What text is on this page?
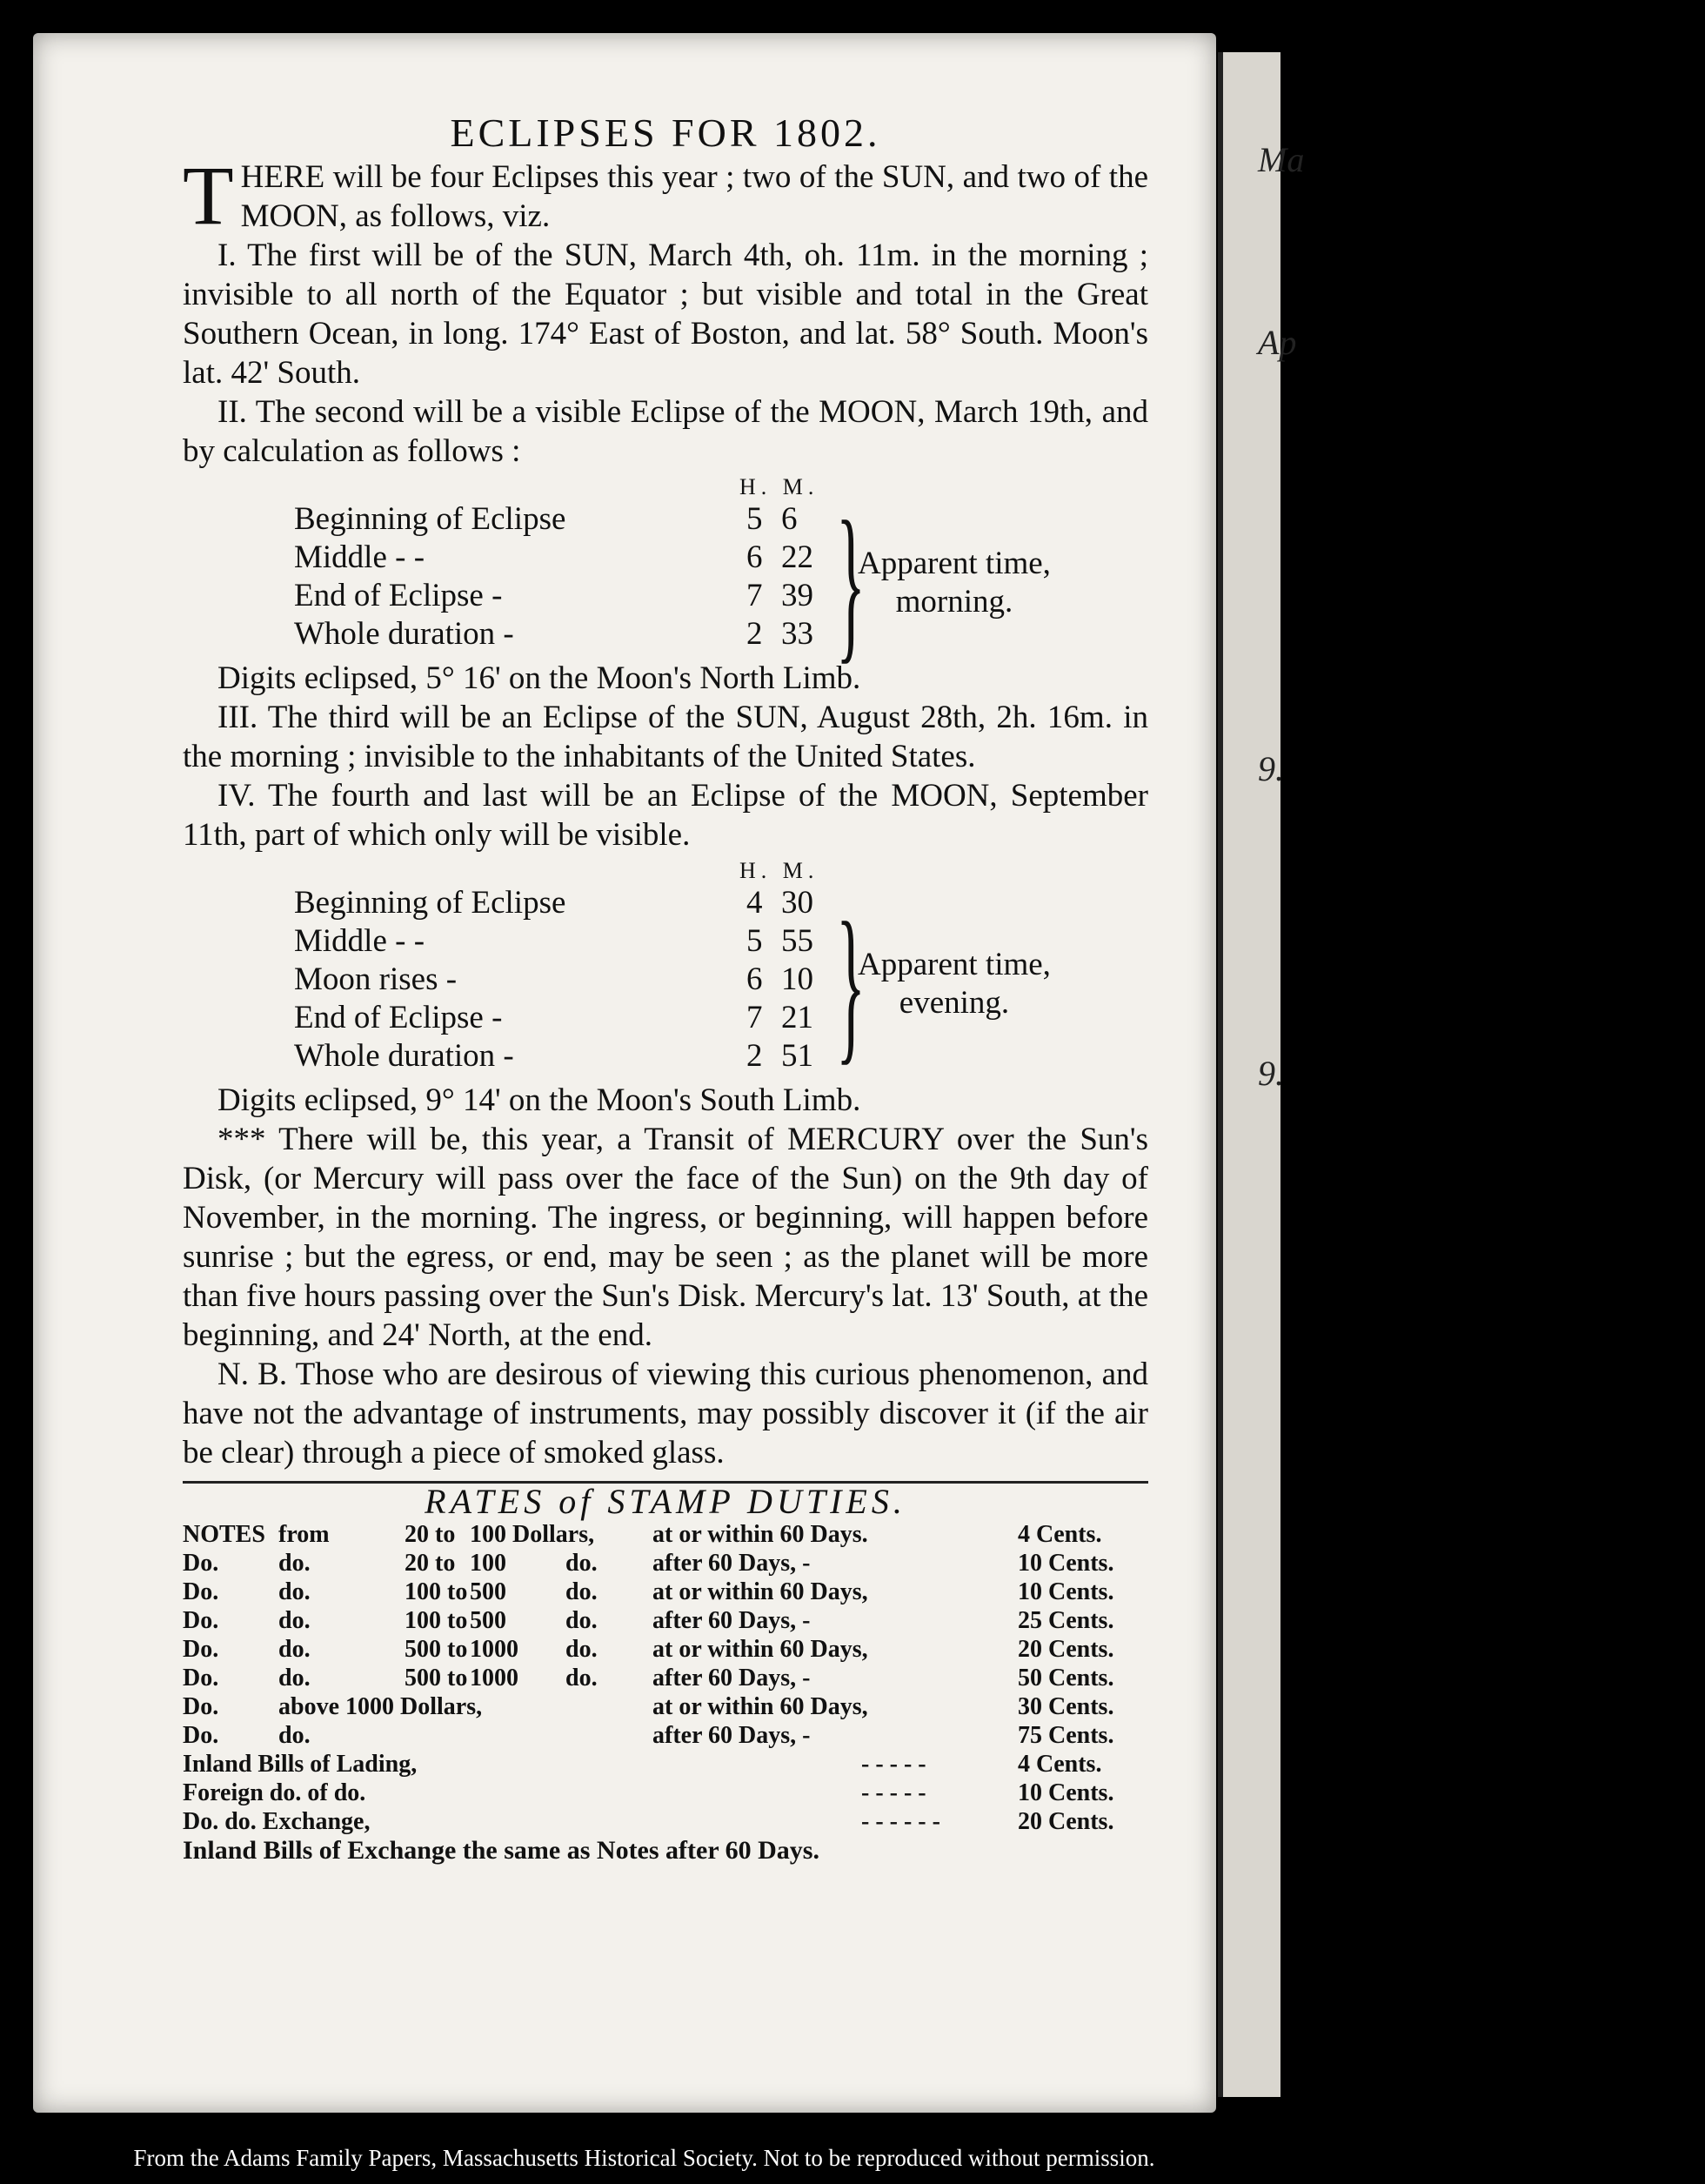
ECLIPSES FOR 1802.
T HERE will be four Eclipses this year ; two of the SUN, and two of the MOON, as follows, viz.

I. The first will be of the SUN, March 4th, oh. 11m. in the morning ; invisible to all north of the Equator ; but visible and total in the Great Southern Ocean, in long. 174° East of Boston, and lat. 58° South. Moon's lat. 42' South.

II. The second will be a visible Eclipse of the MOON, March 19th, and by calculation as follows :

H. M.
Beginning of Eclipse	5 6
Middle - -	6 22
End of Eclipse -	7 39
Whole duration -	2 33 }
Apparent time,
morning.

Digits eclipsed, 5° 16' on the Moon's North Limb.

III. The third will be an Eclipse of the SUN, August 28th, 2h. 16m. in the morning ; invisible to the inhabitants of the United States.

IV. The fourth and last will be an Eclipse of the MOON, September 11th, part of which only will be visible.

H. M.
Beginning of Eclipse	4 30
Middle - -	5 55
Moon rises -	6 10
End of Eclipse -	7 21
Whole duration -	2 51 }
Apparent time,
evening.

Digits eclipsed, 9° 14' on the Moon's South Limb.

*** There will be, this year, a Transit of MERCURY over the Sun's Disk, (or Mercury will pass over the face of the Sun) on the 9th day of November, in the morning. The ingress, or beginning, will happen before sunrise ; but the egress, or end, may be seen ; as the planet will be more than five hours passing over the Sun's Disk. Mercury's lat. 13' South, at the beginning, and 24' North, at the end.

N. B. Those who are desirous of viewing this curious phenomenon, and have not the advantage of instruments, may possibly discover it (if the air be clear) through a piece of smoked glass.

RATES of STAMP DUTIES.
NOTES from	20 to 100 Dollars, at or within 60 Days.	4 Cents.
Do. do.	20 to 100 do. after 60 Days, -	10 Cents.
Do. do.	100 to 500 do. at or within 60 Days,	10 Cents.
Do. do.	100 to 500 do. after 60 Days, -	25 Cents.
Do. do.	500 to 1000 do. at or within 60 Days,	20 Cents.
Do. do.	500 to 1000 do. after 60 Days, -	50 Cents.
Do. above 1000 Dollars,	at or within 60 Days,	30 Cents.
Do. do.	after 60 Days, -	75 Cents.
Inland Bills of Lading,	- - - - -	4 Cents.
Foreign do. of do.	- - - - -	10 Cents.
Do. do. Exchange,	- - - - - -	20 Cents.
Inland Bills of Exchange the same as Notes after 60 Days.
Ma
Ap
9.
9.
From the Adams Family Papers, Massachusetts Historical Society. Not to be reproduced without permission.
